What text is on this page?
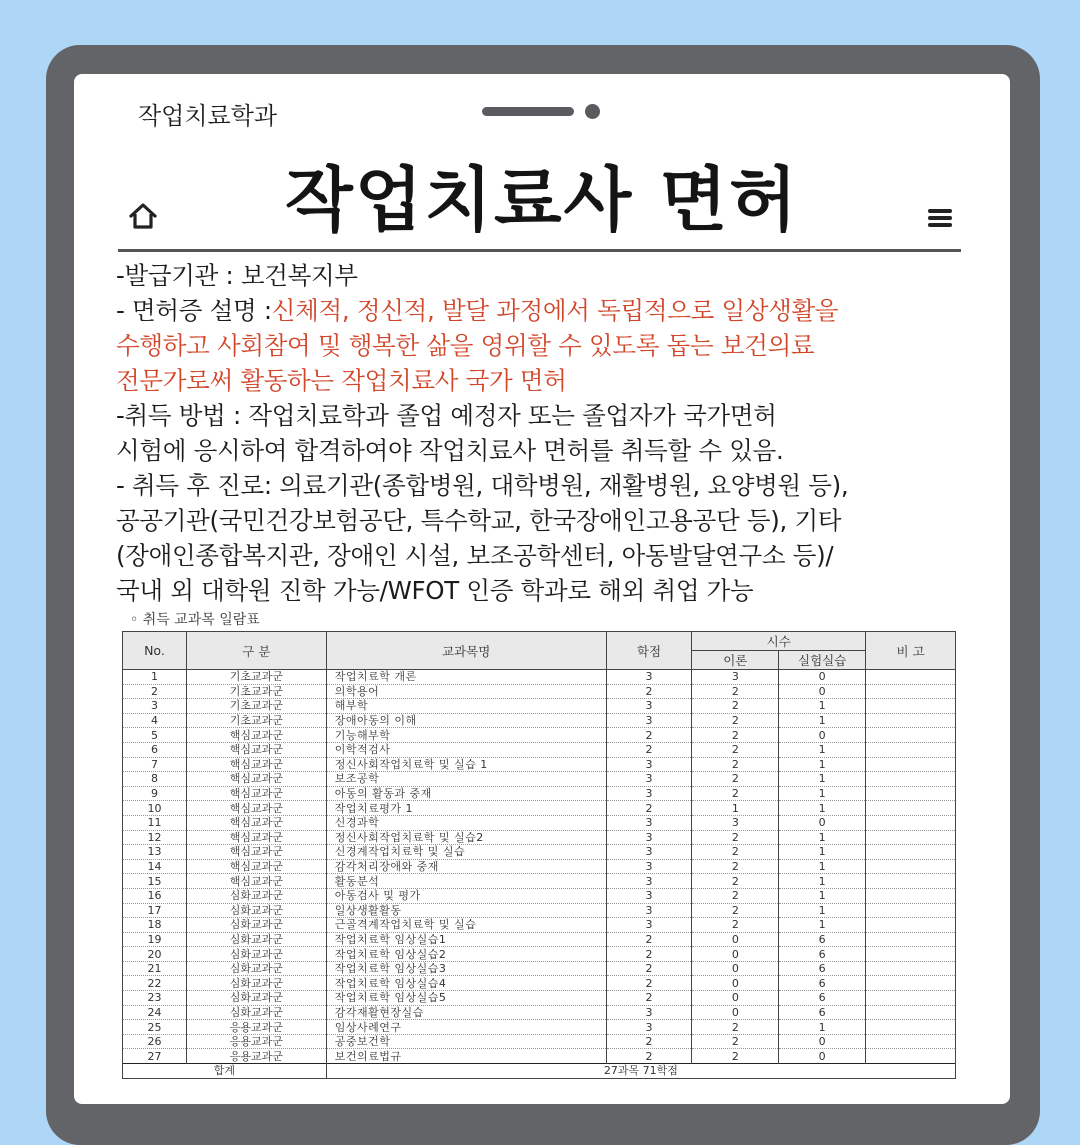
작업치료학과
작업치료사 면허

-발급기관 : 보건복지부

- 면허증 설명 :신체적, 정신적, 발달 과정에서 독립적으로 일상생활을

수행하고 사회참여 및 행복한 삶을 영위할 수 있도록 돕는 보건의료

전문가로써 활동하는 작업치료사 국가 면허

-취득 방법 : 작업치료학과 졸업 예정자 또는 졸업자가 국가면허

시험에 응시하여 합격하여야 작업치료사 면허를 취득할 수 있음.

- 취득 후 진로: 의료기관(종합병원, 대학병원, 재활병원, 요양병원 등),

공공기관(국민건강보험공단, 특수학교, 한국장애인고용공단 등), 기타

(장애인종합복지관, 장애인 시설, 보조공학센터, 아동발달연구소 등)/

국내 외 대학원 진학 가능/WFOT 인증 학과로 해외 취업 가능

◦ 취득 교과목 일람표
No.	구 분	교과목명	학점	시수		비 고
				이론	실험실습	
1	기초교과군	작업치료학 개론	3	3	0	
2	기초교과군	의학용어	2	2	0	
3	기초교과군	해부학	3	2	1	
4	기초교과군	장애아동의 이해	3	2	1	
5	핵심교과군	기능해부학	2	2	0	
6	핵심교과군	이학적검사	2	2	1	
7	핵심교과군	정신사회작업치료학 및 실습 1	3	2	1	
8	핵심교과군	보조공학	3	2	1	
9	핵심교과군	아동의 활동과 중재	3	2	1	
10	핵심교과군	작업치료평가 1	2	1	1	
11	핵심교과군	신경과학	3	3	0	
12	핵심교과군	정신사회작업치료학 및 실습2	3	2	1	
13	핵심교과군	신경계작업치료학 및 실습	3	2	1	
14	핵심교과군	감각처리장애와 중재	3	2	1	
15	핵심교과군	활동분석	3	2	1	
16	심화교과군	아동검사 및 평가	3	2	1	
17	심화교과군	일상생활활동	3	2	1	
18	심화교과군	근골격계작업치료학 및 실습	3	2	1	
19	심화교과군	작업치료학 임상실습1	2	0	6	
20	심화교과군	작업치료학 임상실습2	2	0	6	
21	심화교과군	작업치료학 임상실습3	2	0	6	
22	심화교과군	작업치료학 임상실습4	2	0	6	
23	심화교과군	작업치료학 임상실습5	2	0	6	
24	심화교과군	감각재활현장실습	3	0	6	
25	응용교과군	임상사례연구	3	2	1	
26	응용교과군	공중보건학	2	2	0	
27	응용교과군	보건의료법규	2	2	0	
합계		27과목 71학점				
